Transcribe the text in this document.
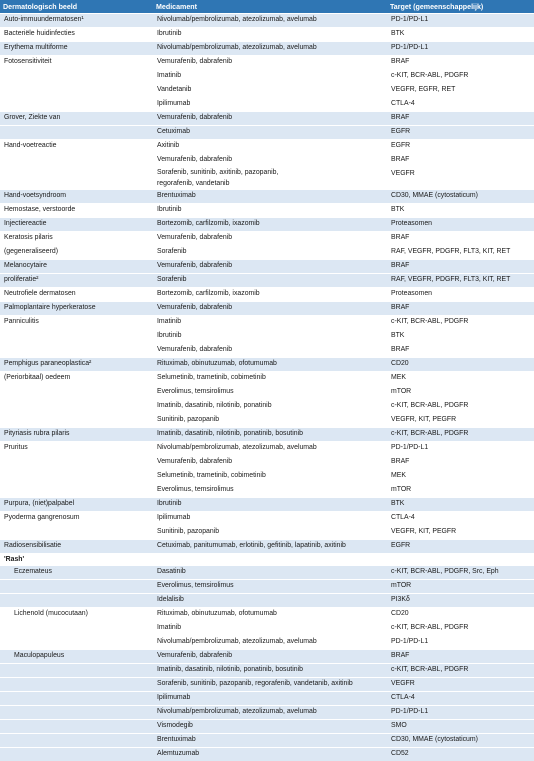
Dermatologisch beeld	Medicament	Target (gemeenschappelijk)
Auto-immuundermatosen¹	Nivolumab/pembrolizumab, atezolizumab, avelumab	PD-1/PD-L1
Bacteriële huidinfecties	Ibrutinib	BTK
Erythema multiforme	Nivolumab/pembrolizumab, atezolizumab, avelumab	PD-1/PD-L1
Fotosensitiviteit	Vemurafenib, dabrafenib	BRAF
	Imatinib	c-KIT, BCR-ABL, PDGFR
	Vandetanib	VEGFR, EGFR, RET
	Ipilimumab	CTLA-4
Grover, Ziekte van	Vemurafenib, dabrafenib	BRAF
	Cetuximab	EGFR
Hand-voetreactie	Axitinib	EGFR
	Vemurafenib, dabrafenib	BRAF

	Sorafenib, sunitinib, axitinib, pazopanib,
regorafenib, vandetanib	VEGFR
Hand-voetsyndroom	Brentuximab	CD30, MMAE (cytostaticum)
Hemostase, verstoorde	Ibrutinib	BTK
Injectiereactie	Bortezomib, carfilzomib, ixazomib	Proteasomen
Keratosis pilaris	Vemurafenib, dabrafenib	BRAF
(gegeneraliseerd)	Sorafenib	RAF, VEGFR, PDGFR, FLT3, KIT, RET
Melanocytaire	Vemurafenib, dabrafenib	BRAF
proliferatie²	Sorafenib	RAF, VEGFR, PDGFR, FLT3, KIT, RET
Neutrofiele dermatosen	Bortezomib, carfilzomib, ixazomib	Proteasomen
Palmoplantaire hyperkeratose	Vemurafenib, dabrafenib	BRAF
Panniculitis	Imatinib	c-KIT, BCR-ABL, PDGFR
	Ibrutinib	BTK
	Vemurafenib, dabrafenib	BRAF
Pemphigus paraneoplastica²	Rituximab, obinutuzumab, ofotumumab	CD20
(Periorbitaal) oedeem	Selumetinib, trametinib, cobimetinib	MEK
	Everolimus, temsirolimus	mTOR
	Imatinib, dasatinib, nilotinib, ponatinib	c-KIT, BCR-ABL, PDGFR
	Sunitinib, pazopanib	VEGFR, KIT, PEGFR
Pityriasis rubra pilaris	Imatinib, dasatinib, nilotinib, ponatinib, bosutinib	c-KIT, BCR-ABL, PDGFR
Pruritus	Nivolumab/pembrolizumab, atezolizumab, avelumab	PD-1/PD-L1
	Vemurafenib, dabrafenib	BRAF
	Selumetinib, trametinib, cobimetinib	MEK
	Everolimus, temsirolimus	mTOR
Purpura, (niet)palpabel	Ibrutinib	BTK
Pyoderma gangrenosum	Ipilimumab	CTLA-4
	Sunitinib, pazopanib	VEGFR, KIT, PEGFR
Radiosensibilisatie	Cetuximab, panitumumab, erlotinib, gefitinib, lapatinib, axitinib	EGFR
'Rash'		
Eczemateus	Dasatinib	c-KIT, BCR-ABL, PDGFR, Src, Eph
	Everolimus, temsirolimus	mTOR
	Idelalisib	PI3Kδ
Lichenoïd (mucocutaan)	Rituximab, obinutuzumab, ofotumumab	CD20
	Imatinib	c-KIT, BCR-ABL, PDGFR
	Nivolumab/pembrolizumab, atezolizumab, avelumab	PD-1/PD-L1
Maculopapuleus	Vemurafenib, dabrafenib	BRAF
	Imatinib, dasatinib, nilotinib, ponatinib, bosutinib	c-KIT, BCR-ABL, PDGFR
	Sorafenib, sunitinib, pazopanib, regorafenib, vandetanib, axitinib	VEGFR
	Ipilimumab	CTLA-4
	Nivolumab/pembrolizumab, atezolizumab, avelumab	PD-1/PD-L1
	Vismodegib	SMO
	Brentuximab	CD30, MMAE (cytostaticum)
	Alemtuzumab	CD52
